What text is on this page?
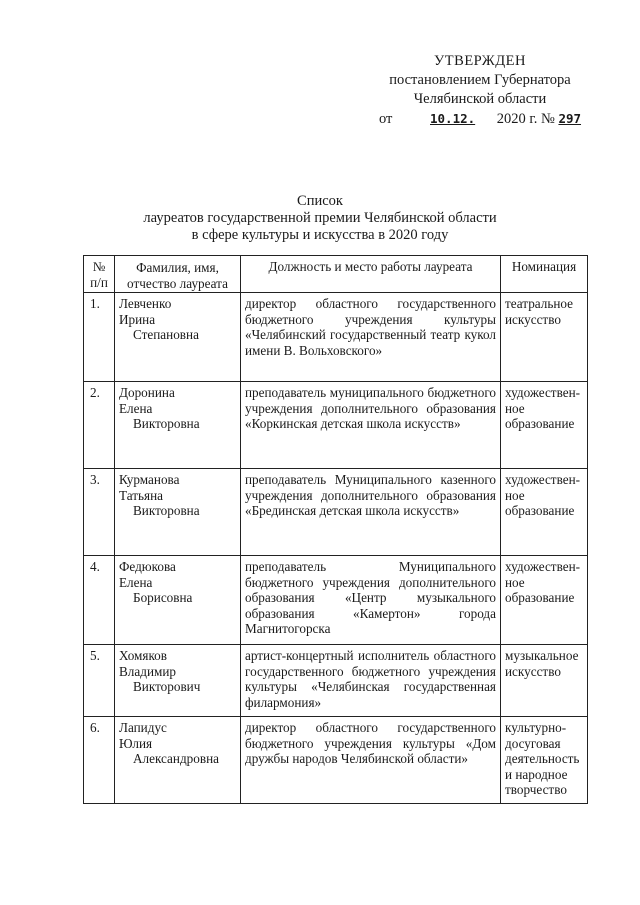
УТВЕРЖДЕН
постановлением Губернатора
Челябинской области
от	10.12. 2020 г. № 297
Список
лауреатов государственной премии Челябинской области
в сфере культуры и искусства в 2020 году
№ п/п	Фамилия, имя, отчество лауреата	Должность и место работы лауреата	Номинация
1.	Левченко
Ирина
Степановна	директор областного государственного бюджетного учреждения культуры «Челябинский государственный театр кукол имени В. Вольховского»	театральное искусство
2.	Доронина
Елена
Викторовна	преподаватель муниципального бюджетного учреждения дополнительного образования «Коркинская детская школа искусств»	художествен-ное образование
3.	Курманова
Татьяна
Викторовна	преподаватель Муниципального казенного учреждения дополнительного образования «Брединская детская школа искусств»	художествен-ное образование
4.	Федюкова
Елена
Борисовна	преподаватель Муниципального бюджетного учреждения дополнительного образования «Центр музыкального образования «Камертон» города Магнитогорска	художествен-ное образование
5.	Хомяков
Владимир
Викторович	артист-концертный исполнитель областного государственного бюджетного учреждения культуры «Челябинская государственная филармония»	музыкальное искусство
6.	Лапидус
Юлия
Александровна	директор областного государственного бюджетного учреждения культуры «Дом дружбы народов Челябинской области»	культурно-досуговая деятельность и народное творчество
